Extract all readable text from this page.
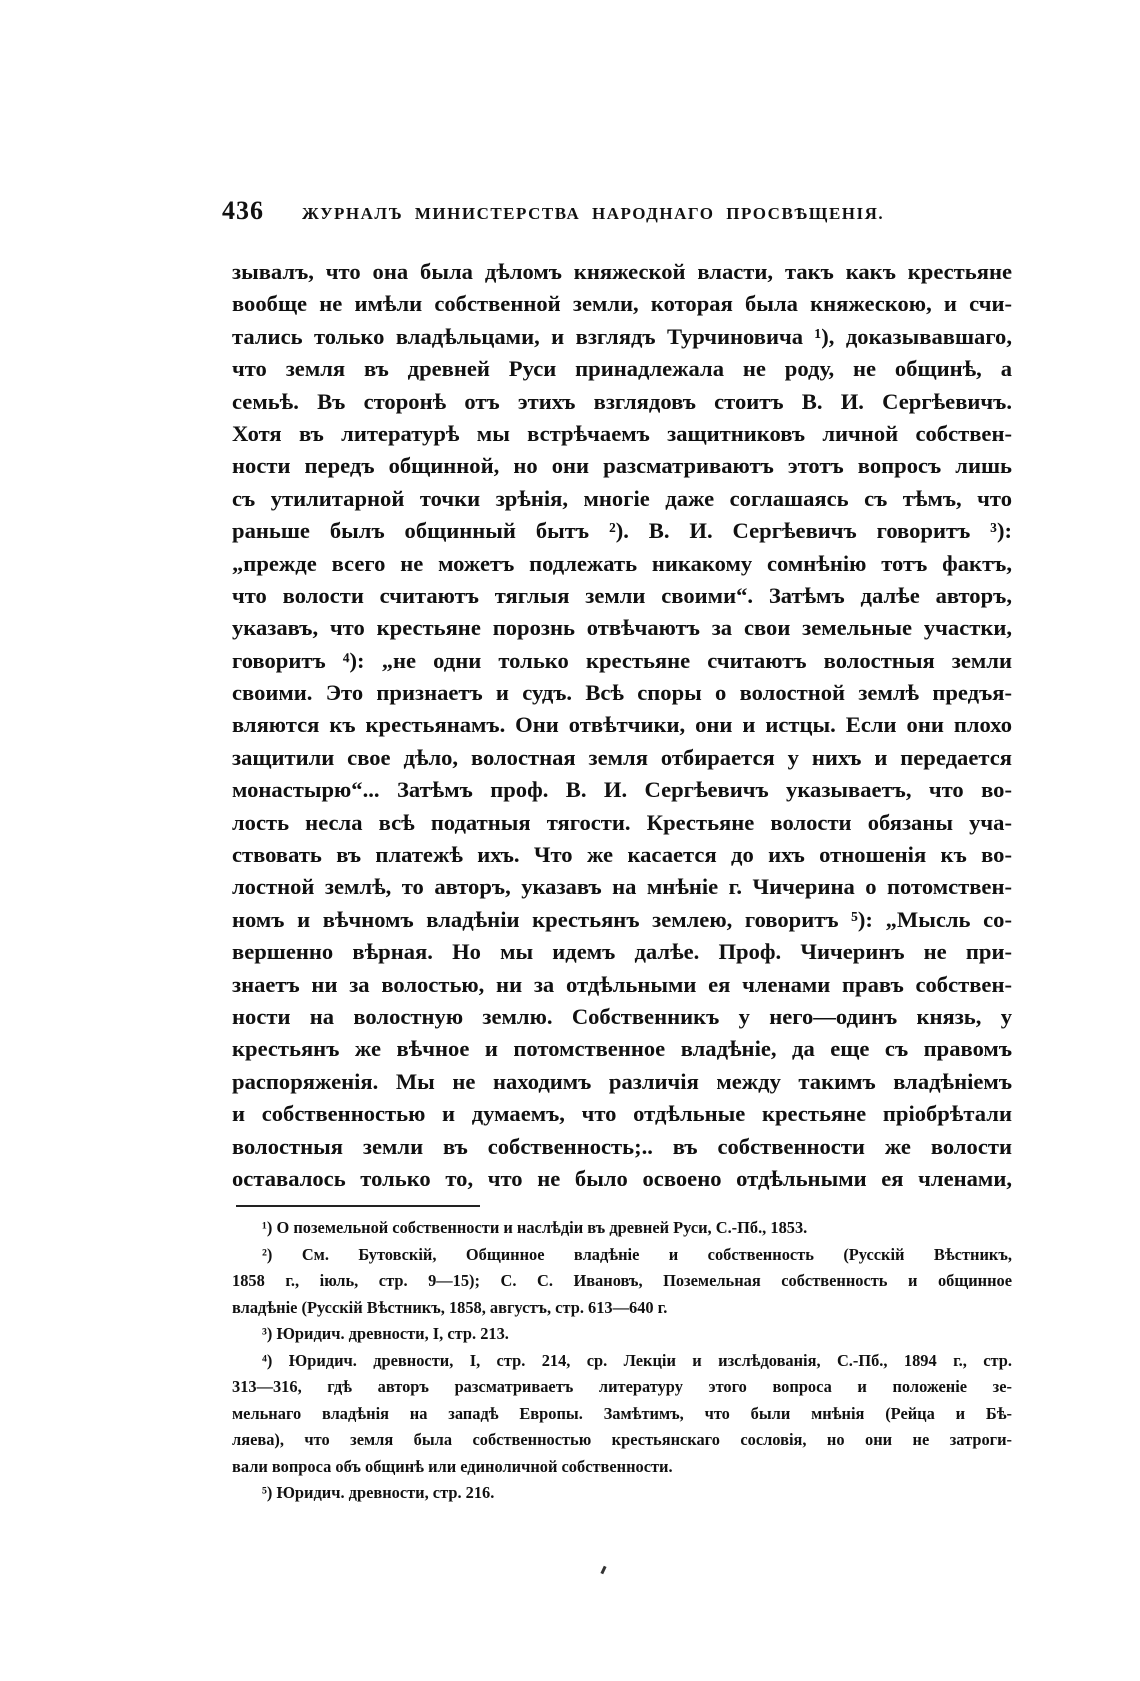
436 ЖУРНАЛЪ МИНИСТЕРСТВА НАРОДНАГО ПРОСВѢЩЕНІЯ.
зывалъ, что она была дѣломъ княжеской власти, такъ какъ крестьяне
вообще не имѣли собственной земли, которая была княжескою, и счи-
тались только владѣльцами, и взглядъ Турчиновича ¹), доказывавшаго,
что земля въ древней Руси принадлежала не роду, не общинѣ, а
семьѣ. Въ сторонѣ отъ этихъ взглядовъ стоитъ В. И. Сергѣевичъ.
Хотя въ литературѣ мы встрѣчаемъ защитниковъ личной собствен-
ности передъ общинной, но они разсматриваютъ этотъ вопросъ лишь
съ утилитарной точки зрѣнія, многіе даже соглашаясь съ тѣмъ, что
раньше былъ общинный бытъ ²). В. И. Сергѣевичъ говоритъ ³):
„прежде всего не можетъ подлежать никакому сомнѣнію тотъ фактъ,
что волости считаютъ тяглыя земли своими“. Затѣмъ далѣе авторъ,
указавъ, что крестьяне порознь отвѣчаютъ за свои земельные участки,
говоритъ ⁴): „не одни только крестьяне считаютъ волостныя земли
своими. Это признаетъ и судъ. Всѣ споры о волостной землѣ предъя-
вляются къ крестьянамъ. Они отвѣтчики, они и истцы. Если они плохо
защитили свое дѣло, волостная земля отбирается у нихъ и передается
монастырю“... Затѣмъ проф. В. И. Сергѣевичъ указываетъ, что во-
лость несла всѣ податныя тягости. Крестьяне волости обязаны уча-
ствовать въ платежѣ ихъ. Что же касается до ихъ отношенія къ во-
лостной землѣ, то авторъ, указавъ на мнѣніе г. Чичерина о потомствен-
номъ и вѣчномъ владѣніи крестьянъ землею, говоритъ ⁵): „Мысль со-
вершенно вѣрная. Но мы идемъ далѣе. Проф. Чичеринъ не при-
знаетъ ни за волостью, ни за отдѣльными ея членами правъ собствен-
ности на волостную землю. Собственникъ у него—одинъ князь, у
крестьянъ же вѣчное и потомственное владѣніе, да еще съ правомъ
распоряженія. Мы не находимъ различія между такимъ владѣніемъ
и собственностью и думаемъ, что отдѣльные крестьяне пріобрѣтали
волостныя земли въ собственность;.. въ собственности же волости
оставалось только то, что не было освоено отдѣльными ея членами,
¹) О поземельной собственности и наслѣдіи въ древней Руси, С.-Пб., 1853.
²) См. Бутовскій, Общинное владѣніе и собственность (Русскій Вѣстникъ,
1858 г., іюль, стр. 9—15); С. С. Ивановъ, Поземельная собственность и общинное
владѣніе (Русскій Вѣстникъ, 1858, августъ, стр. 613—640 г.
³) Юридич. древности, I, стр. 213.
⁴) Юридич. древности, I, стр. 214, ср. Лекціи и изслѣдованія, С.-Пб., 1894 г., стр.
313—316, гдѣ авторъ разсматриваетъ литературу этого вопроса и положеніе зе-
мельнаго владѣнія на западѣ Европы. Замѣтимъ, что были мнѣнія (Рейца и Бѣ-
ляева), что земля была собственностью крестьянскаго сословія, но они не затроги-
вали вопроса объ общинѣ или единоличной собственности.
⁵) Юридич. древности, стр. 216.
